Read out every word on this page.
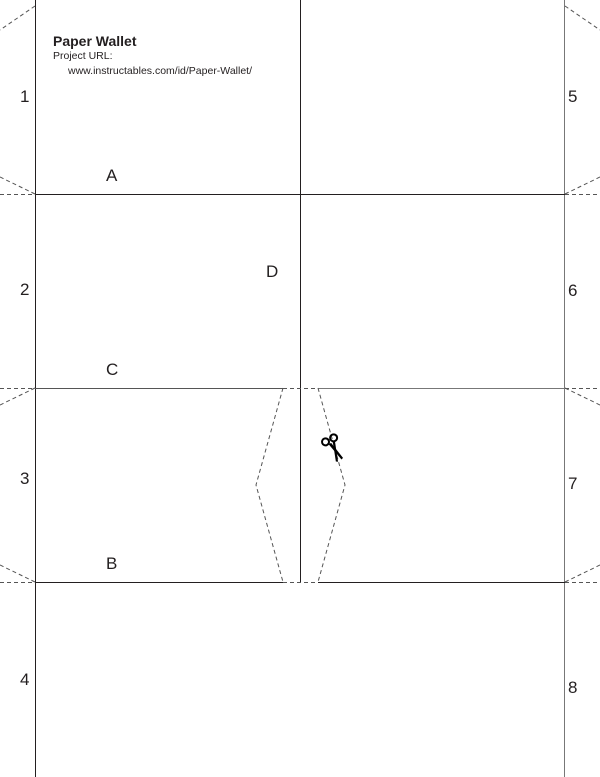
Paper Wallet
Project URL:
www.instructables.com/id/Paper-Wallet/
1
2
3
4
5
6
7
8
A
C
B
D
